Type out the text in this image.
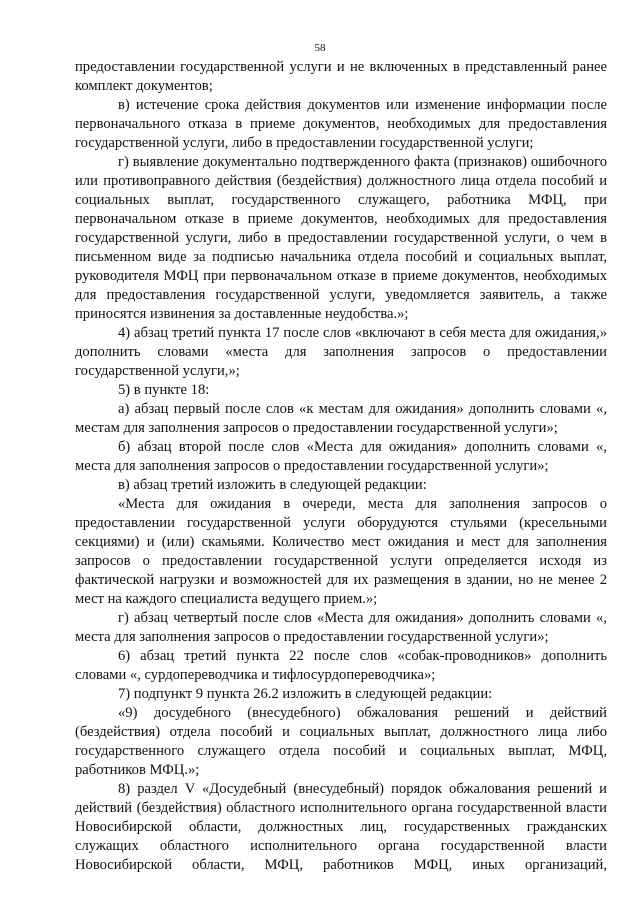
58

предоставлении государственной услуги и не включенных в представленный ранее комплект документов;

в) истечение срока действия документов или изменение информации после первоначального отказа в приеме документов, необходимых для предоставления государственной услуги, либо в предоставлении государственной услуги;

г) выявление документально подтвержденного факта (признаков) ошибочного или противоправного действия (бездействия) должностного лица отдела пособий и социальных выплат, государственного служащего, работника МФЦ, при первоначальном отказе в приеме документов, необходимых для предоставления государственной услуги, либо в предоставлении государственной услуги, о чем в письменном виде за подписью начальника отдела пособий и социальных выплат, руководителя МФЦ при первоначальном отказе в приеме документов, необходимых для предоставления государственной услуги, уведомляется заявитель, а также приносятся извинения за доставленные неудобства.»;

4) абзац третий пункта 17 после слов «включают в себя места для ожидания,» дополнить словами «места для заполнения запросов о предоставлении государственной услуги,»;

5) в пункте 18:

а) абзац первый после слов «к местам для ожидания» дополнить словами «, местам для заполнения запросов о предоставлении государственной услуги»;

б) абзац второй после слов «Места для ожидания» дополнить словами «, места для заполнения запросов о предоставлении государственной услуги»;

в) абзац третий изложить в следующей редакции:

«Места для ожидания в очереди, места для заполнения запросов о предоставлении государственной услуги оборудуются стульями (кресельными секциями) и (или) скамьями. Количество мест ожидания и мест для заполнения запросов о предоставлении государственной услуги определяется исходя из фактической нагрузки и возможностей для их размещения в здании, но не менее 2 мест на каждого специалиста ведущего прием.»;

г) абзац четвертый после слов «Места для ожидания» дополнить словами «, места для заполнения запросов о предоставлении государственной услуги»;

6) абзац третий пункта 22 после слов «собак-проводников» дополнить словами «, сурдопереводчика и тифлосурдопереводчика»;

7) подпункт 9 пункта 26.2 изложить в следующей редакции:

«9) досудебного (внесудебного) обжалования решений и действий (бездействия) отдела пособий и социальных выплат, должностного лица либо государственного служащего отдела пособий и социальных выплат, МФЦ, работников МФЦ.»;

8) раздел V «Досудебный (внесудебный) порядок обжалования решений и действий (бездействия) областного исполнительного органа государственной власти Новосибирской области, должностных лиц, государственных гражданских служащих областного исполнительного органа государственной власти Новосибирской области, МФЦ, работников МФЦ, иных организаций,
